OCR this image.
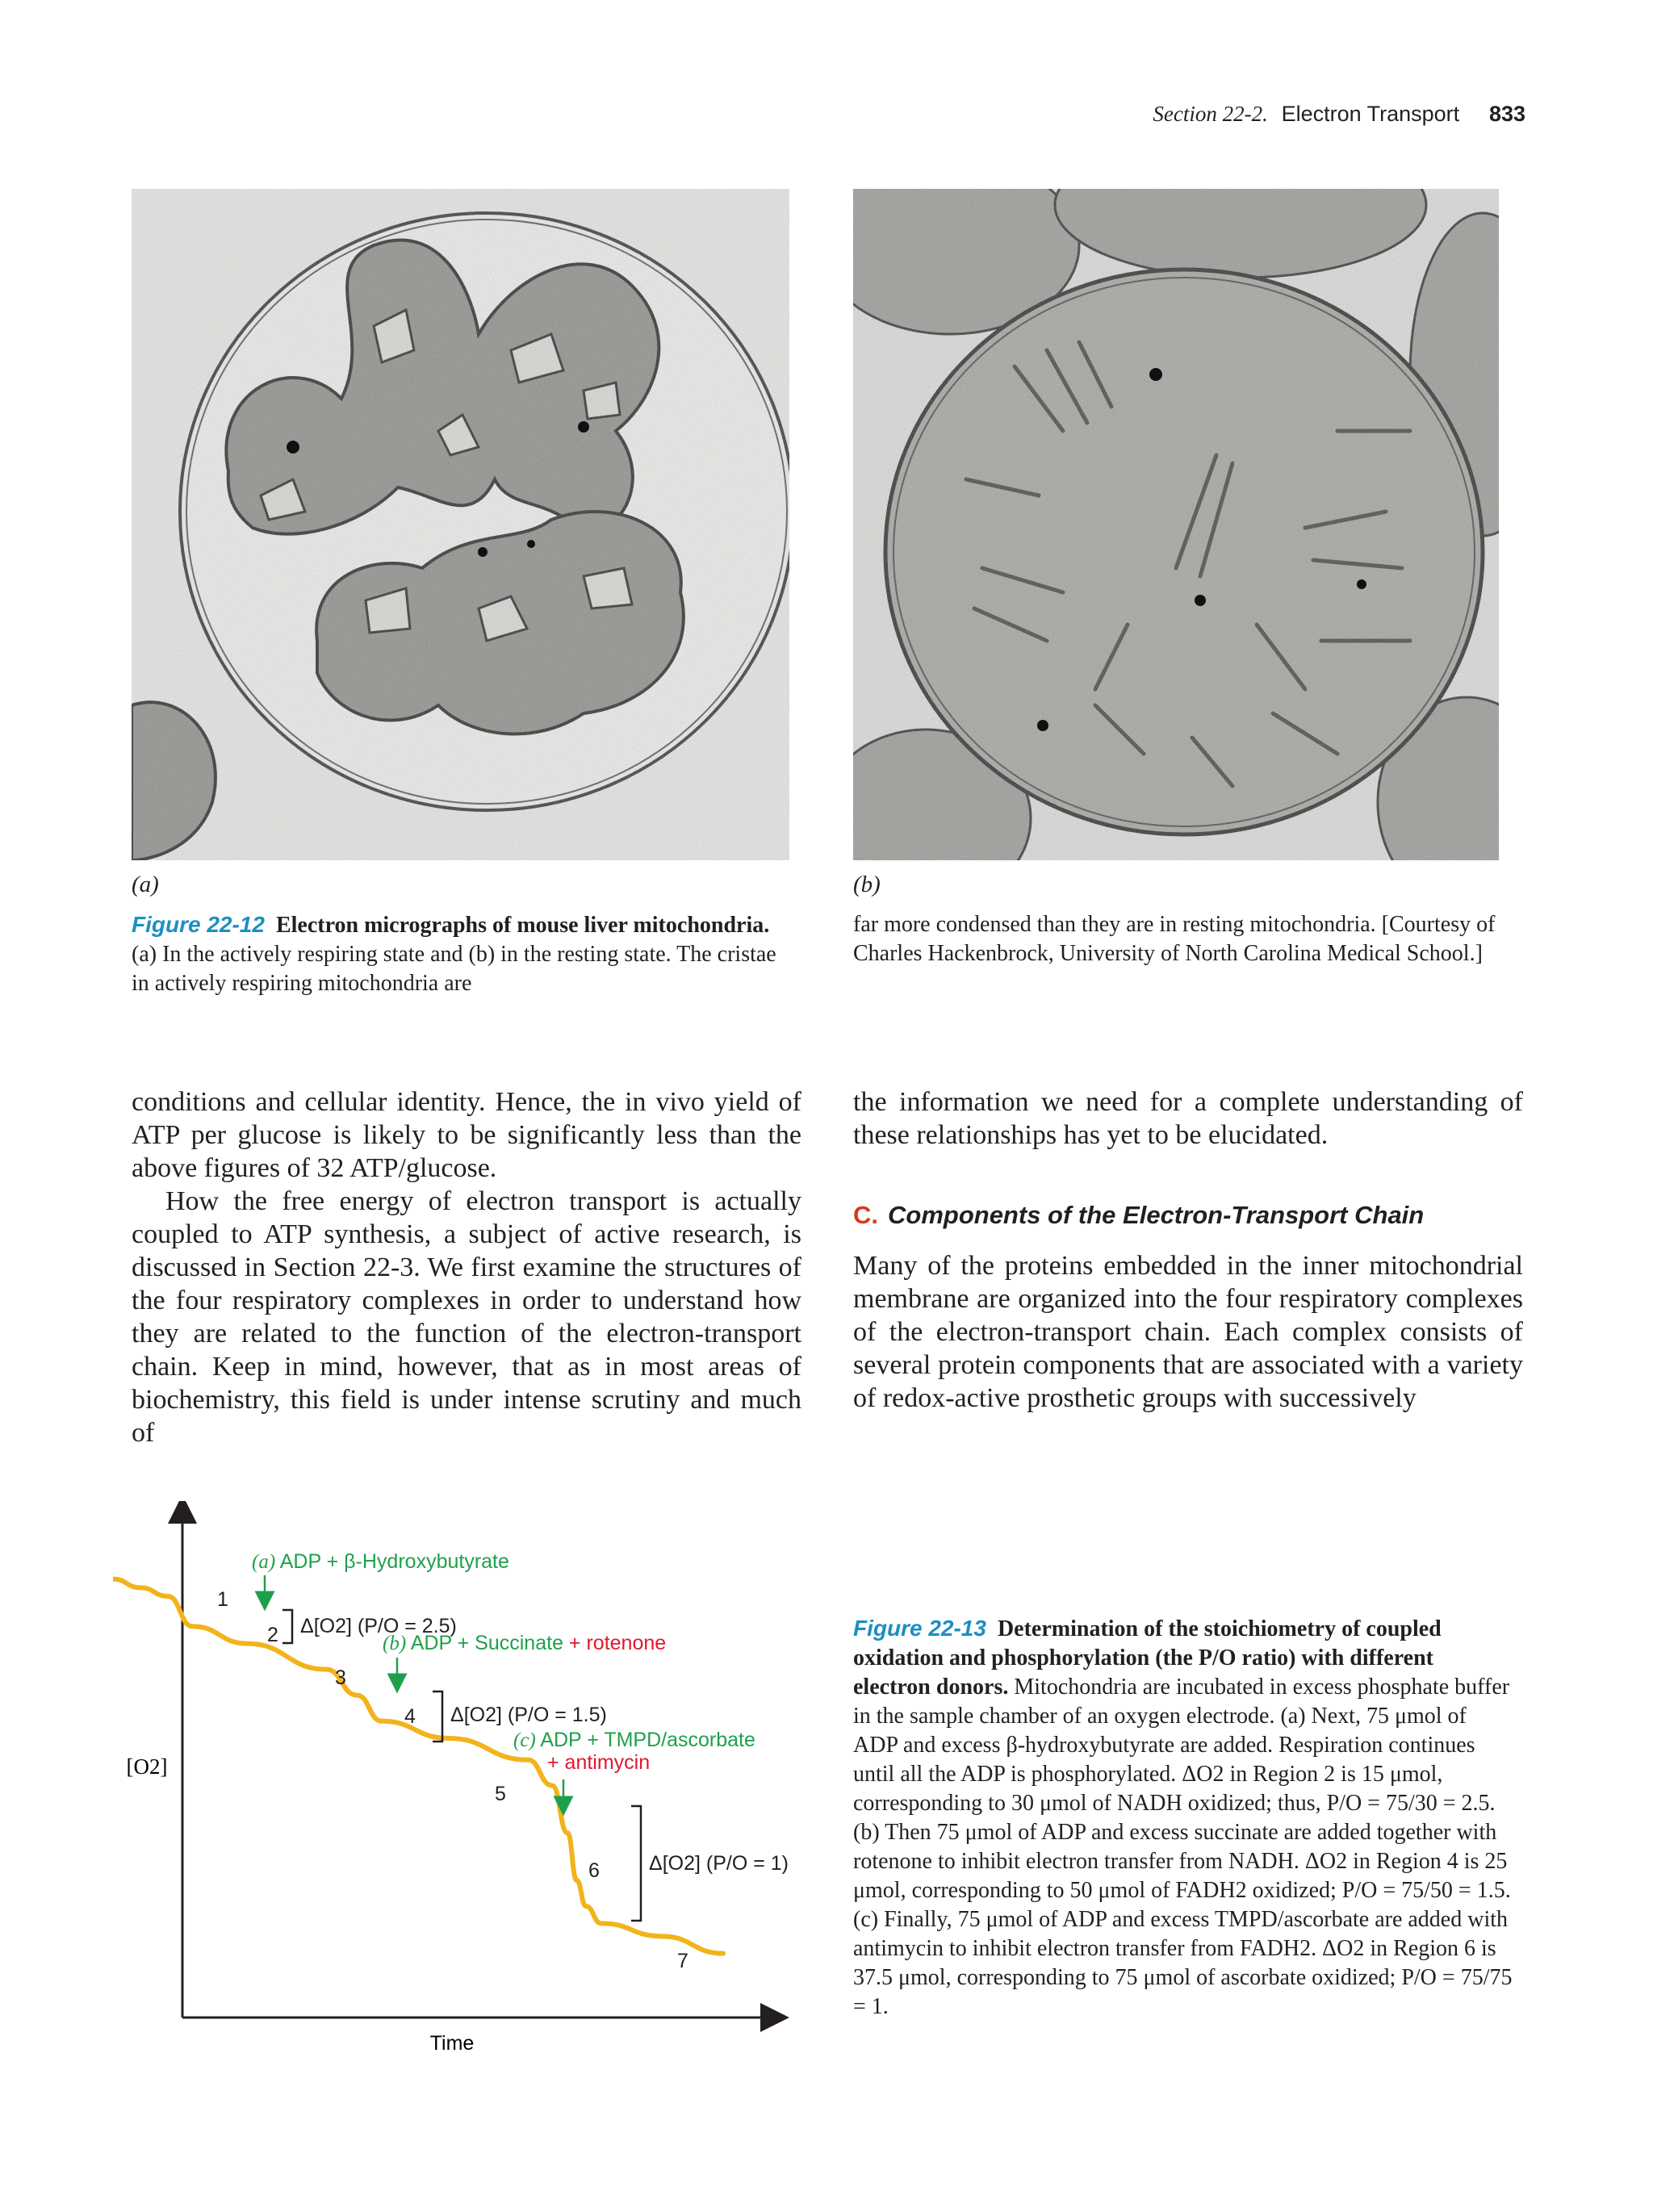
Section 22-2. Electron Transport 833
(a)	(b)
Figure 22-12 Electron micrographs of mouse liver mitochondria. (a) In the actively respiring state and (b) in the resting state. The cristae in actively respiring mitochondria are
far more condensed than they are in resting mitochondria. [Courtesy of Charles Hackenbrock, University of North Carolina Medical School.]

conditions and cellular identity. Hence, the in vivo yield of ATP per glucose is likely to be significantly less than the above figures of 32 ATP/glucose.

How the free energy of electron transport is actually coupled to ATP synthesis, a subject of active research, is discussed in Section 22-3. We first examine the structures of the four respiratory complexes in order to understand how they are related to the function of the electron-transport chain. Keep in mind, however, that as in most areas of biochemistry, this field is under intense scrutiny and much of

the information we need for a complete understanding of these relationships has yet to be elucidated.
C. Components of the Electron-Transport Chain
Many of the proteins embedded in the inner mitochondrial membrane are organized into the four respiratory complexes of the electron-transport chain. Each complex consists of several protein components that are associated with a variety of redox-active prosthetic groups with successively
Time
[O2]
1
2
3
4
5
6
7
(a) ADP + β-Hydroxybutyrate
(b) ADP + Succinate + rotenone
(c) ADP + TMPD/ascorbate
+ antimycin
Δ[O2] (P/O = 2.5)
Δ[O2] (P/O = 1.5)
Δ[O2] (P/O = 1)
Figure 22-13 Determination of the stoichiometry of coupled oxidation and phosphorylation (the P/O ratio) with different electron donors. Mitochondria are incubated in excess phosphate buffer in the sample chamber of an oxygen electrode. (a) Next, 75 μmol of ADP and excess β-hydroxybutyrate are added. Respiration continues until all the ADP is phosphorylated. ΔO2 in Region 2 is 15 μmol, corresponding to 30 μmol of NADH oxidized; thus, P/O = 75/30 = 2.5. (b) Then 75 μmol of ADP and excess succinate are added together with rotenone to inhibit electron transfer from NADH. ΔO2 in Region 4 is 25 μmol, corresponding to 50 μmol of FADH2 oxidized; P/O = 75/50 = 1.5. (c) Finally, 75 μmol of ADP and excess TMPD/ascorbate are added with antimycin to inhibit electron transfer from FADH2. ΔO2 in Region 6 is 37.5 μmol, corresponding to 75 μmol of ascorbate oxidized; P/O = 75/75 = 1.
